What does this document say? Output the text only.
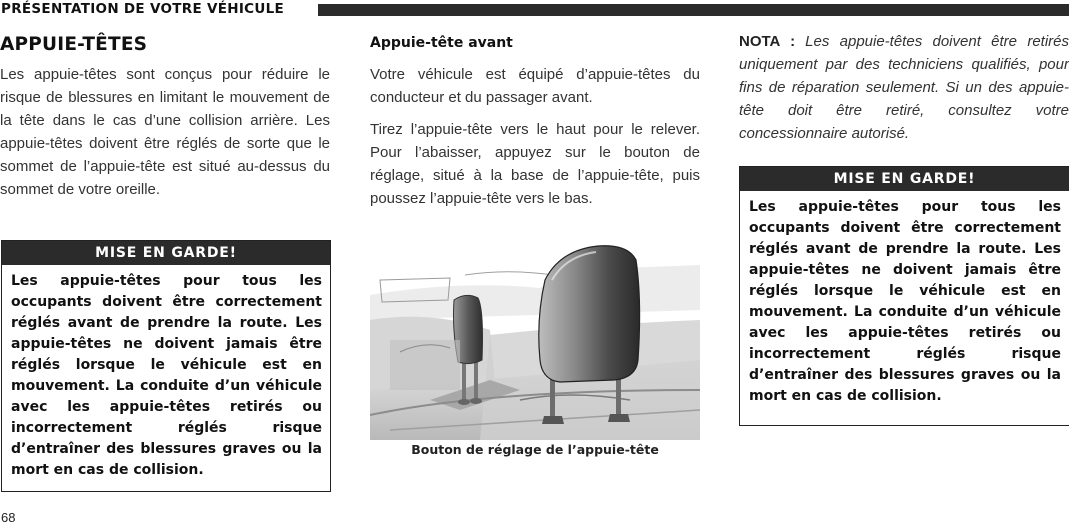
PRÉSENTATION DE VOTRE VÉHICULE
APPUIE-TÊTES

Les appuie-têtes sont conçus pour réduire le risque de blessures en limitant le mouvement de la tête dans le cas d’une collision arrière. Les appuie-têtes doivent être réglés de sorte que le sommet de l’appuie-tête est situé au-dessus du sommet de votre oreille.

MISE EN GARDE!
Les appuie-têtes pour tous les occupants doivent être correctement réglés avant de prendre la route. Les appuie-têtes ne doivent jamais être réglés lorsque le véhicule est en mouvement. La conduite d’un véhicule avec les appuie-têtes retirés ou incorrectement réglés risque d’entraîner des blessures graves ou la mort en cas de collision.
Appuie-tête avant

Votre véhicule est équipé d’appuie-têtes du conducteur et du passager avant.

Tirez l’appuie-tête vers le haut pour le relever. Pour l’abaisser, appuyez sur le bouton de réglage, situé à la base de l’appuie-tête, puis poussez l’appuie-tête vers le bas.

Bouton de réglage de l’appuie-tête

NOTA : Les appuie-têtes doivent être retirés uniquement par des techniciens qualifiés, pour fins de réparation seulement. Si un des appuie-tête doit être retiré, consultez votre concessionnaire autorisé.

MISE EN GARDE!
Les appuie-têtes pour tous les occupants doivent être correctement réglés avant de prendre la route. Les appuie-têtes ne doivent jamais être réglés lorsque le véhicule est en mouvement. La conduite d’un véhicule avec les appuie-têtes retirés ou incorrectement réglés risque d’entraîner des blessures graves ou la mort en cas de collision.
68
